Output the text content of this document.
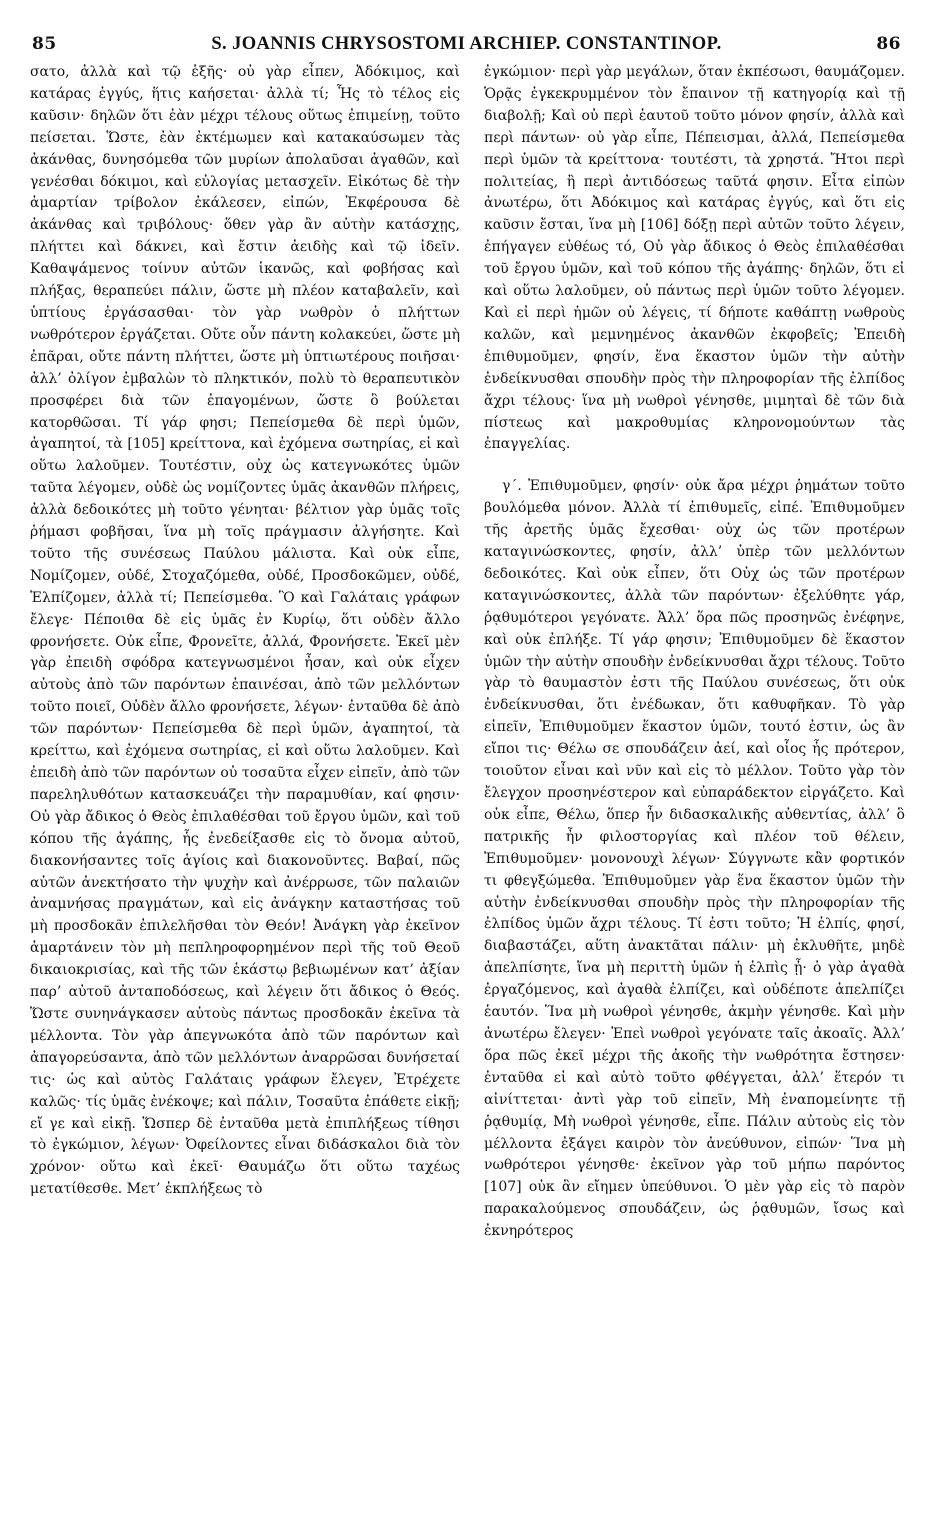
85	S. JOANNIS CHRYSOSTOMI ARCHIEP. CONSTANTINOP.	86

σατο, ἀλλὰ καὶ τῷ ἑξῆς· οὐ γὰρ εἶπεν, Ἀδόκιμος, καὶ κατάρας ἐγγύς, ἥτις καήσεται· ἀλλὰ τί; Ἧς τὸ τέλος εἰς καῦσιν· δηλῶν ὅτι ἐὰν μέχρι τέλους οὕτως ἐπιμείνῃ, τοῦτο πείσεται. Ὥστε, ἐὰν ἐκτέμωμεν καὶ κατακαύσωμεν τὰς ἀκάνθας, δυνησόμεθα τῶν μυρίων ἀπολαῦσαι ἀγαθῶν, καὶ γενέσθαι δόκιμοι, καὶ εὐλογίας μετασχεῖν. Εἰκότως δὲ τὴν ἁμαρτίαν τρίβολον ἐκάλεσεν, εἰπών, Ἐκφέρουσα δὲ ἀκάνθας καὶ τριβόλους· ὅθεν γὰρ ἂν αὐτὴν κατάσχῃς, πλήττει καὶ δάκνει, καὶ ἔστιν ἀειδὴς καὶ τῷ ἰδεῖν. Καθαψάμενος τοίνυν αὐτῶν ἱκανῶς, καὶ φοβήσας καὶ πλήξας, θεραπεύει πάλιν, ὥστε μὴ πλέον καταβαλεῖν, καὶ ὑπτίους ἐργάσασθαι· τὸν γὰρ νωθρὸν ὁ πλήττων νωθρότερον ἐργάζεται. Οὔτε οὖν πάντη κολακεύει, ὥστε μὴ ἐπᾶραι, οὔτε πάντη πλήττει, ὥστε μὴ ὑπτιωτέρους ποιῆσαι· ἀλλ’ ὀλίγον ἐμβαλὼν τὸ πληκτικόν, πολὺ τὸ θεραπευτικὸν προσφέρει διὰ τῶν ἐπαγομένων, ὥστε ὃ βούλεται κατορθῶσαι. Τί γάρ φησι; Πεπείσμεθα δὲ περὶ ὑμῶν, ἀγαπητοί, τὰ [105] κρείττονα, καὶ ἐχόμενα σωτηρίας, εἰ καὶ οὕτω λαλοῦμεν. Τουτέστιν, οὐχ ὡς κατεγνωκότες ὑμῶν ταῦτα λέγομεν, οὐδὲ ὡς νομίζοντες ὑμᾶς ἀκανθῶν πλήρεις, ἀλλὰ δεδοικότες μὴ τοῦτο γένηται· βέλτιον γὰρ ὑμᾶς τοῖς ῥήμασι φοβῆσαι, ἵνα μὴ τοῖς πράγμασιν ἀλγήσητε. Καὶ τοῦτο τῆς συνέσεως Παύλου μάλιστα. Καὶ οὐκ εἶπε, Νομίζομεν, οὐδέ, Στοχαζόμεθα, οὐδέ, Προσδοκῶμεν, οὐδέ, Ἐλπίζομεν, ἀλλὰ τί; Πεπείσμεθα. Ὃ καὶ Γαλάταις γράφων ἔλεγε· Πέποιθα δὲ εἰς ὑμᾶς ἐν Κυρίῳ, ὅτι οὐδὲν ἄλλο φρονήσετε. Οὐκ εἶπε, Φρονεῖτε, ἀλλά, Φρονήσετε. Ἐκεῖ μὲν γὰρ ἐπειδὴ σφόδρα κατεγνωσμένοι ἦσαν, καὶ οὐκ εἶχεν αὐτοὺς ἀπὸ τῶν παρόντων ἐπαινέσαι, ἀπὸ τῶν μελλόντων τοῦτο ποιεῖ, Οὐδὲν ἄλλο φρονήσετε, λέγων· ἐνταῦθα δὲ ἀπὸ τῶν παρόντων· Πεπείσμεθα δὲ περὶ ὑμῶν, ἀγαπητοί, τὰ κρείττω, καὶ ἐχόμενα σωτηρίας, εἰ καὶ οὕτω λαλοῦμεν. Καὶ ἐπειδὴ ἀπὸ τῶν παρόντων οὐ τοσαῦτα εἶχεν εἰπεῖν, ἀπὸ τῶν παρεληλυθότων κατασκευάζει τὴν παραμυθίαν, καί φησιν· Οὐ γὰρ ἄδικος ὁ Θεὸς ἐπιλαθέσθαι τοῦ ἔργου ὑμῶν, καὶ τοῦ κόπου τῆς ἀγάπης, ἧς ἐνεδείξασθε εἰς τὸ ὄνομα αὐτοῦ, διακονήσαντες τοῖς ἁγίοις καὶ διακονοῦντες. Βαβαί, πῶς αὐτῶν ἀνεκτήσατο τὴν ψυχὴν καὶ ἀνέρρωσε, τῶν παλαιῶν ἀναμνήσας πραγμάτων, καὶ εἰς ἀνάγκην καταστήσας τοῦ μὴ προσδοκᾶν ἐπιλελῆσθαι τὸν Θεόν! Ἀνάγκη γὰρ ἐκεῖνον ἁμαρτάνειν τὸν μὴ πεπληροφορημένον περὶ τῆς τοῦ Θεοῦ δικαιοκρισίας, καὶ τῆς τῶν ἑκάστῳ βεβιωμένων κατ’ ἀξίαν παρ’ αὐτοῦ ἀνταποδόσεως, καὶ λέγειν ὅτι ἄδικος ὁ Θεός. Ὥστε συνηνάγκασεν αὐτοὺς πάντως προσδοκᾶν ἐκεῖνα τὰ μέλλοντα. Τὸν γὰρ ἀπεγνωκότα ἀπὸ τῶν παρόντων καὶ ἀπαγορεύσαντα, ἀπὸ τῶν μελλόντων ἀναρρῶσαι δυνήσεταί τις· ὡς καὶ αὐτὸς Γαλάταις γράφων ἔλεγεν, Ἐτρέχετε καλῶς· τίς ὑμᾶς ἐνέκοψε; καὶ πάλιν, Τοσαῦτα ἐπάθετε εἰκῇ; εἴ γε καὶ εἰκῇ. Ὥσπερ δὲ ἐνταῦθα μετὰ ἐπιπλήξεως τίθησι τὸ ἐγκώμιον, λέγων· Ὀφείλοντες εἶναι διδάσκαλοι διὰ τὸν χρόνον· οὕτω καὶ ἐκεῖ· Θαυμάζω ὅτι οὕτω ταχέως μετατίθεσθε. Μετ’ ἐκπλήξεως τὸ

ἐγκώμιον· περὶ γὰρ μεγάλων, ὅταν ἐκπέσωσι, θαυμάζομεν. Ὁρᾷς ἐγκεκρυμμένον τὸν ἔπαινον τῇ κατηγορίᾳ καὶ τῇ διαβολῇ; Καὶ οὐ περὶ ἑαυτοῦ τοῦτο μόνον φησίν, ἀλλὰ καὶ περὶ πάντων· οὐ γὰρ εἶπε, Πέπεισμαι, ἀλλά, Πεπείσμεθα περὶ ὑμῶν τὰ κρείττονα· τουτέστι, τὰ χρηστά. Ἤτοι περὶ πολιτείας, ἢ περὶ ἀντιδόσεως ταῦτά φησιν. Εἶτα εἰπὼν ἀνωτέρω, ὅτι Ἀδόκιμος καὶ κατάρας ἐγγύς, καὶ ὅτι εἰς καῦσιν ἔσται, ἵνα μὴ [106] δόξῃ περὶ αὐτῶν τοῦτο λέγειν, ἐπήγαγεν εὐθέως τό, Οὐ γὰρ ἄδικος ὁ Θεὸς ἐπιλαθέσθαι τοῦ ἔργου ὑμῶν, καὶ τοῦ κόπου τῆς ἀγάπης· δηλῶν, ὅτι εἰ καὶ οὕτω λαλοῦμεν, οὐ πάντως περὶ ὑμῶν τοῦτο λέγομεν. Καὶ εἰ περὶ ἡμῶν οὐ λέγεις, τί δήποτε καθάπτῃ νωθροὺς καλῶν, καὶ μεμνημένος ἀκανθῶν ἐκφοβεῖς; Ἐπειδὴ ἐπιθυμοῦμεν, φησίν, ἕνα ἕκαστον ὑμῶν τὴν αὐτὴν ἐνδείκνυσθαι σπουδὴν πρὸς τὴν πληροφορίαν τῆς ἐλπίδος ἄχρι τέλους· ἵνα μὴ νωθροὶ γένησθε, μιμηταὶ δὲ τῶν διὰ πίστεως καὶ μακροθυμίας κληρονομούντων τὰς ἐπαγγελίας.

γ΄. Ἐπιθυμοῦμεν, φησίν· οὐκ ἄρα μέχρι ῥημάτων τοῦτο βουλόμεθα μόνον. Ἀλλὰ τί ἐπιθυμεῖς, εἰπέ. Ἐπιθυμοῦμεν τῆς ἀρετῆς ὑμᾶς ἔχεσθαι· οὐχ ὡς τῶν προτέρων καταγινώσκοντες, φησίν, ἀλλ’ ὑπὲρ τῶν μελλόντων δεδοικότες. Καὶ οὐκ εἶπεν, ὅτι Οὐχ ὡς τῶν προτέρων καταγινώσκοντες, ἀλλὰ τῶν παρόντων· ἐξελύθητε γάρ, ῥᾳθυμότεροι γεγόνατε. Ἀλλ’ ὅρα πῶς προσηνῶς ἐνέφηνε, καὶ οὐκ ἐπλήξε. Τί γάρ φησιν; Ἐπιθυμοῦμεν δὲ ἕκαστον ὑμῶν τὴν αὐτὴν σπουδὴν ἐνδείκνυσθαι ἄχρι τέλους. Τοῦτο γὰρ τὸ θαυμαστὸν ἐστι τῆς Παύλου συνέσεως, ὅτι οὐκ ἐνδείκνυσθαι, ὅτι ἐνέδωκαν, ὅτι καθυφῆκαν. Τὸ γὰρ εἰπεῖν, Ἐπιθυμοῦμεν ἕκαστον ὑμῶν, τουτό ἐστιν, ὡς ἂν εἴποι τις· Θέλω σε σπουδάζειν ἀεί, καὶ οἷος ἦς πρότερον, τοιοῦτον εἶναι καὶ νῦν καὶ εἰς τὸ μέλλον. Τοῦτο γὰρ τὸν ἔλεγχον προσηνέστερον καὶ εὐπαράδεκτον εἰργάζετο. Καὶ οὐκ εἶπε, Θέλω, ὅπερ ἦν διδασκαλικῆς αὐθεντίας, ἀλλ’ ὃ πατρικῆς ἦν φιλοστοργίας καὶ πλέον τοῦ θέλειν, Ἐπιθυμοῦμεν· μονονουχὶ λέγων· Σύγγνωτε κἂν φορτικόν τι φθεγξώμεθα. Ἐπιθυμοῦμεν γὰρ ἕνα ἕκαστον ὑμῶν τὴν αὐτὴν ἐνδείκνυσθαι σπουδὴν πρὸς τὴν πληροφορίαν τῆς ἐλπίδος ὑμῶν ἄχρι τέλους. Τί ἐστι τοῦτο; Ἡ ἐλπίς, φησί, διαβαστάζει, αὕτη ἀνακτᾶται πάλιν· μὴ ἐκλυθῆτε, μηδὲ ἀπελπίσητε, ἵνα μὴ περιττὴ ὑμῶν ἡ ἐλπὶς ᾖ· ὁ γὰρ ἀγαθὰ ἐργαζόμενος, καὶ ἀγαθὰ ἐλπίζει, καὶ οὐδέποτε ἀπελπίζει ἑαυτόν. Ἵνα μὴ νωθροὶ γένησθε, ἀκμὴν γένησθε. Καὶ μὴν ἀνωτέρω ἔλεγεν· Ἐπεὶ νωθροὶ γεγόνατε ταῖς ἀκοαῖς. Ἀλλ’ ὅρα πῶς ἐκεῖ μέχρι τῆς ἀκοῆς τὴν νωθρότητα ἔστησεν· ἐνταῦθα εἰ καὶ αὐτὸ τοῦτο φθέγγεται, ἀλλ’ ἕτερόν τι αἰνίττεται· ἀντὶ γὰρ τοῦ εἰπεῖν, Μὴ ἐναπομείνητε τῇ ῥᾳθυμίᾳ, Μὴ νωθροὶ γένησθε, εἶπε. Πάλιν αὐτοὺς εἰς τὸν μέλλοντα ἐξάγει καιρὸν τὸν ἀνεύθυνον, εἰπών· Ἵνα μὴ νωθρότεροι γένησθε· ἐκεῖνον γὰρ τοῦ μήπω παρόντος [107] οὐκ ἂν εἴημεν ὑπεύθυνοι. Ὁ μὲν γὰρ εἰς τὸ παρὸν παρακαλούμενος σπουδάζειν, ὡς ῥᾳθυμῶν, ἴσως καὶ ἐκνηρότερος
